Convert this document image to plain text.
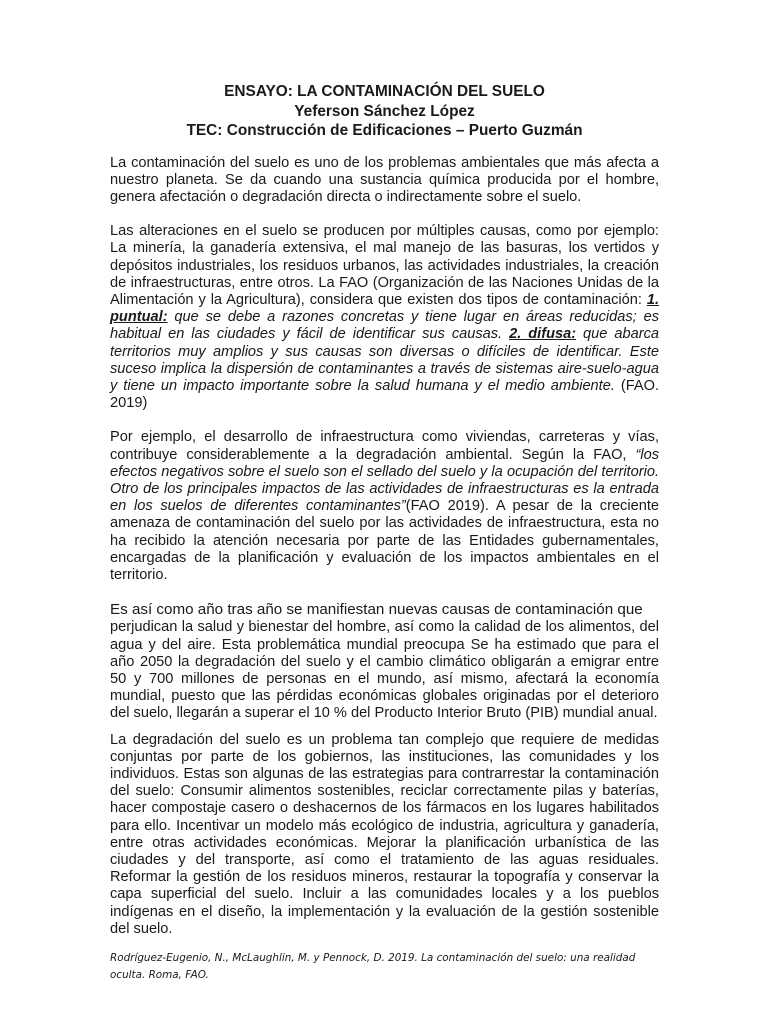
ENSAYO: LA CONTAMINACIÓN DEL SUELO
Yeferson Sánchez López
TEC: Construcción de Edificaciones – Puerto Guzmán

La contaminación del suelo es uno de los problemas ambientales que más afecta a nuestro planeta. Se da cuando una sustancia química producida por el hombre, genera afectación o degradación directa o indirectamente sobre el suelo.

Las alteraciones en el suelo se producen por múltiples causas, como por ejemplo: La minería, la ganadería extensiva, el mal manejo de las basuras, los vertidos y depósitos industriales, los residuos urbanos, las actividades industriales, la creación de infraestructuras, entre otros. La FAO (Organización de las Naciones Unidas de la Alimentación y la Agricultura), considera que existen dos tipos de contaminación: 1. puntual: que se debe a razones concretas y tiene lugar en áreas reducidas; es habitual en las ciudades y fácil de identificar sus causas. 2. difusa: que abarca territorios muy amplios y sus causas son diversas o difíciles de identificar. Este suceso implica la dispersión de contaminantes a través de sistemas aire-suelo-agua y tiene un impacto importante sobre la salud humana y el medio ambiente. (FAO. 2019)

Por ejemplo, el desarrollo de infraestructura como viviendas, carreteras y vías, contribuye considerablemente a la degradación ambiental. Según la FAO, “los efectos negativos sobre el suelo son el sellado del suelo y la ocupación del territorio. Otro de los principales impactos de las actividades de infraestructuras es la entrada en los suelos de diferentes contaminantes”(FAO 2019). A pesar de la creciente amenaza de contaminación del suelo por las actividades de infraestructura, esta no ha recibido la atención necesaria por parte de las Entidades gubernamentales, encargadas de la planificación y evaluación de los impactos ambientales en el territorio.

Es así como año tras año se manifiestan nuevas causas de contaminación que
perjudican la salud y bienestar del hombre, así como la calidad de los alimentos, del agua y del aire. Esta problemática mundial preocupa Se ha estimado que para el año 2050 la degradación del suelo y el cambio climático obligarán a emigrar entre 50 y 700 millones de personas en el mundo, así mismo, afectará la economía mundial, puesto que las pérdidas económicas globales originadas por el deterioro del suelo, llegarán a superar el 10 % del Producto Interior Bruto (PIB) mundial anual.

La degradación del suelo es un problema tan complejo que requiere de medidas conjuntas por parte de los gobiernos, las instituciones, las comunidades y los individuos. Estas son algunas de las estrategias para contrarrestar la contaminación del suelo: Consumir alimentos sostenibles, reciclar correctamente pilas y baterías, hacer compostaje casero o deshacernos de los fármacos en los lugares habilitados para ello. Incentivar un modelo más ecológico de industria, agricultura y ganadería, entre otras actividades económicas. Mejorar la planificación urbanística de las ciudades y del transporte, así como el tratamiento de las aguas residuales. Reformar la gestión de los residuos mineros, restaurar la topografía y conservar la capa superficial del suelo. Incluir a las comunidades locales y a los pueblos indígenas en el diseño, la implementación y la evaluación de la gestión sostenible del suelo.

Rodríguez-Eugenio, N., McLaughlin, M. y Pennock, D. 2019. La contaminación del suelo: una realidad oculta. Roma, FAO.
